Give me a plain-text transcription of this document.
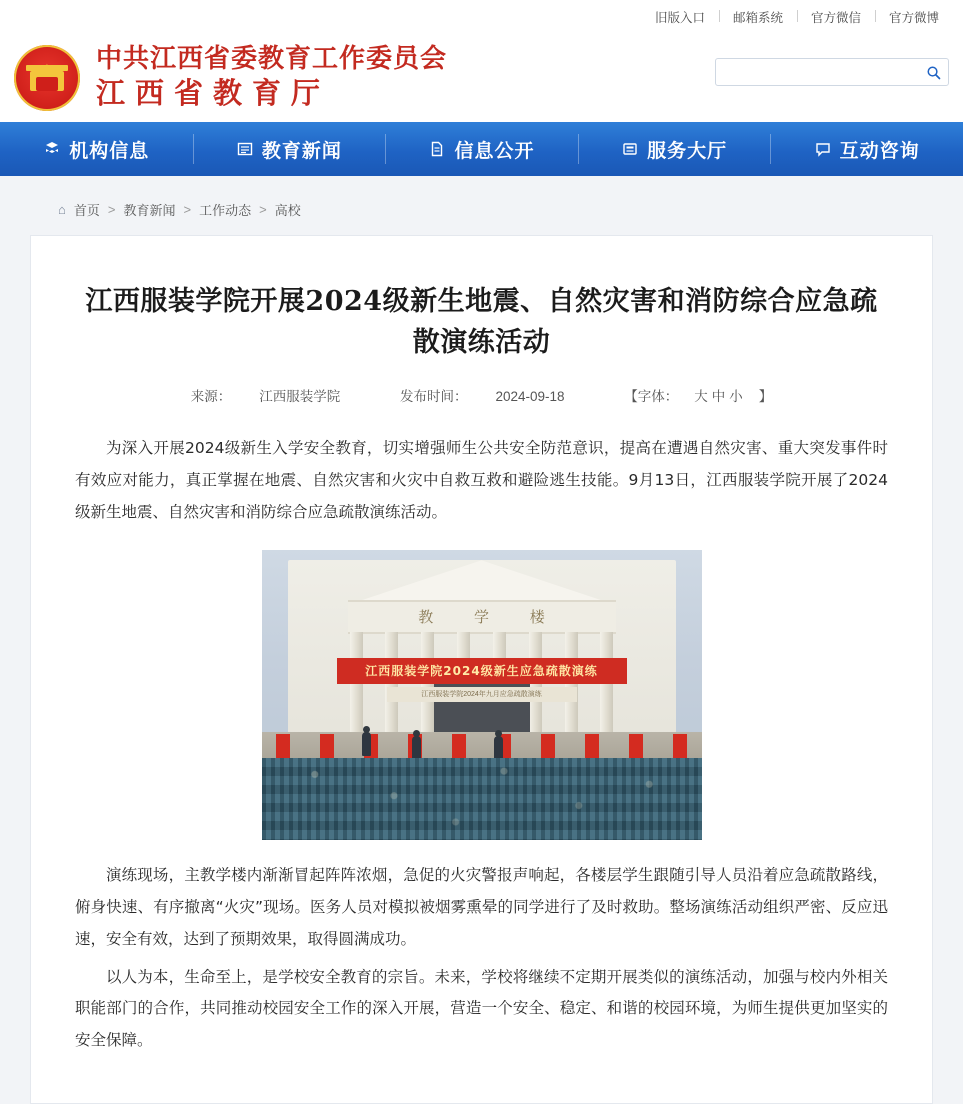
旧版入口	邮箱系统	官方微信	官方微博
中共江西省委教育工作委员会
江西省教育厅
机构信息	教育新闻	信息公开	服务大厅	互动咨询
⌂ 首页 > 教育新闻 > 工作动态 > 高校
江西服装学院开展2024级新生地震、自然灾害和消防综合应急疏散演练活动
来源： 江西服装学院	发布时间： 2024-09-18	【字体： 大 中 小 】

为深入开展2024级新生入学安全教育，切实增强师生公共安全防范意识，提高在遭遇自然灾害、重大突发事件时有效应对能力，真正掌握在地震、自然灾害和火灾中自救互救和避险逃生技能。9月13日，江西服装学院开展了2024级新生地震、自然灾害和消防综合应急疏散演练活动。

教 学 楼
江西服装学院2024级新生应急疏散演练
江西服装学院2024年九月应急疏散演练

演练现场，主教学楼内渐渐冒起阵阵浓烟，急促的火灾警报声响起，各楼层学生跟随引导人员沿着应急疏散路线，俯身快速、有序撤离“火灾”现场。医务人员对模拟被烟雾熏晕的同学进行了及时救助。整场演练活动组织严密、反应迅速，安全有效，达到了预期效果，取得圆满成功。

以人为本，生命至上，是学校安全教育的宗旨。未来，学校将继续不定期开展类似的演练活动，加强与校内外相关职能部门的合作，共同推动校园安全工作的深入开展，营造一个安全、稳定、和谐的校园环境，为师生提供更加坚实的安全保障。
